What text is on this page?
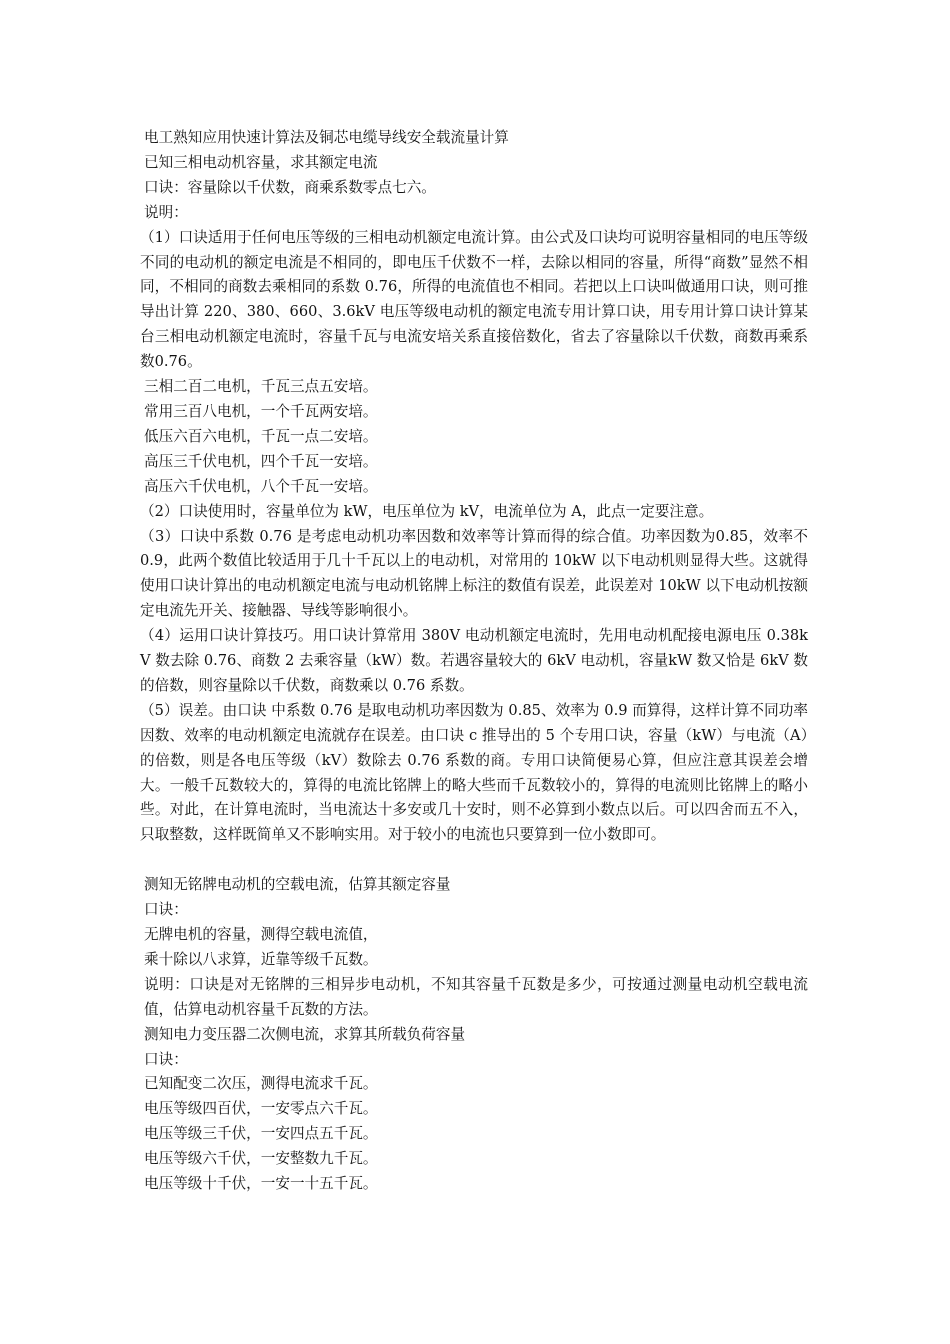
电工熟知应用快速计算法及铜芯电缆导线安全载流量计算
已知三相电动机容量，求其额定电流
口诀：容量除以千伏数，商乘系数零点七六。
说明：
（1）口诀适用于任何电压等级的三相电动机额定电流计算。由公式及口诀均可说明容量相同的电压等级不同的电动机的额定电流是不相同的，即电压千伏数不一样，去除以相同的容量，所得“商数”显然不相同，不相同的商数去乘相同的系数 0.76，所得的电流值也不相同。若把以上口诀叫做通用口诀，则可推导出计算 220、380、660、3.6kV 电压等级电动机的额定电流专用计算口诀，用专用计算口诀计算某台三相电动机额定电流时，容量千瓦与电流安培关系直接倍数化，省去了容量除以千伏数，商数再乘系数0.76。
三相二百二电机，千瓦三点五安培。
常用三百八电机，一个千瓦两安培。
低压六百六电机，千瓦一点二安培。
高压三千伏电机，四个千瓦一安培。
高压六千伏电机，八个千瓦一安培。
（2）口诀使用时，容量单位为 kW，电压单位为 kV，电流单位为 A，此点一定要注意。
（3）口诀中系数 0.76 是考虑电动机功率因数和效率等计算而得的综合值。功率因数为0.85，效率不 0.9，此两个数值比较适用于几十千瓦以上的电动机，对常用的 10kW 以下电动机则显得大些。这就得使用口诀计算出的电动机额定电流与电动机铭牌上标注的数值有误差，此误差对 10kW 以下电动机按额定电流先开关、接触器、导线等影响很小。
（4）运用口诀计算技巧。用口诀计算常用 380V 电动机额定电流时，先用电动机配接电源电压 0.38kV 数去除 0.76、商数 2 去乘容量（kW）数。若遇容量较大的 6kV 电动机，容量kW 数又恰是 6kV 数的倍数，则容量除以千伏数，商数乘以 0.76 系数。
（5）误差。由口诀 中系数 0.76 是取电动机功率因数为 0.85、效率为 0.9 而算得，这样计算不同功率因数、效率的电动机额定电流就存在误差。由口诀 c 推导出的 5 个专用口诀，容量（kW）与电流（A）的倍数，则是各电压等级（kV）数除去 0.76 系数的商。专用口诀简便易心算，但应注意其误差会增大。一般千瓦数较大的，算得的电流比铭牌上的略大些而千瓦数较小的，算得的电流则比铭牌上的略小些。对此，在计算电流时，当电流达十多安或几十安时，则不必算到小数点以后。可以四舍而五不入，只取整数，这样既简单又不影响实用。对于较小的电流也只要算到一位小数即可。
测知无铭牌电动机的空载电流，估算其额定容量
口诀：
无牌电机的容量，测得空载电流值，
乘十除以八求算，近靠等级千瓦数。
说明：口诀是对无铭牌的三相异步电动机，不知其容量千瓦数是多少，可按通过测量电动机空载电流值，估算电动机容量千瓦数的方法。
测知电力变压器二次侧电流，求算其所载负荷容量
口诀：
已知配变二次压，测得电流求千瓦。
电压等级四百伏，一安零点六千瓦。
电压等级三千伏，一安四点五千瓦。
电压等级六千伏，一安整数九千瓦。
电压等级十千伏，一安一十五千瓦。
